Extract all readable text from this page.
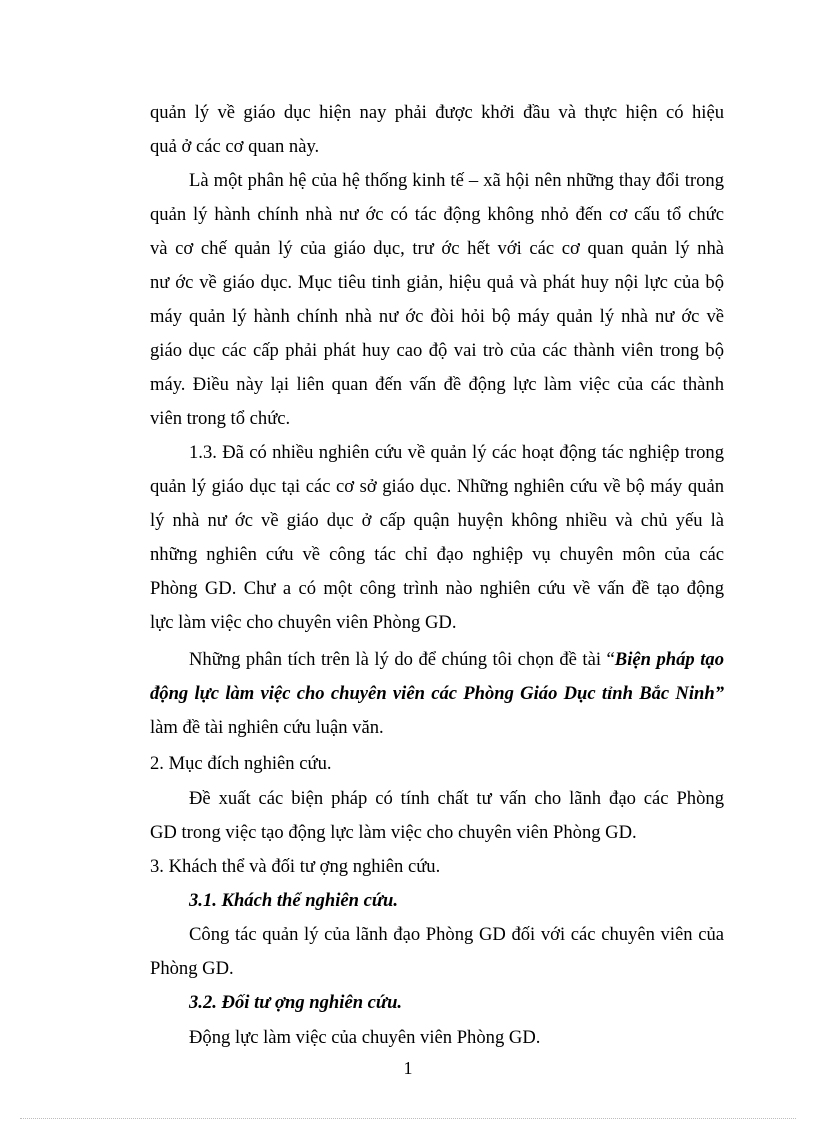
quản lý về giáo dục hiện nay phải được khởi đầu và thực hiện có hiệu
quả ở các cơ quan này.
Là một phân hệ của hệ thống kinh tế – xã hội nên những thay đổi trong
quản lý hành chính nhà nư ớc có tác động không nhỏ đến cơ cấu tổ chức
và cơ chế quản lý của giáo dục, trư ớc hết với các cơ quan quản lý nhà
nư ớc về giáo dục. Mục tiêu tinh giản, hiệu quả và phát huy nội lực của bộ
máy quản lý hành chính nhà nư ớc đòi hỏi bộ máy quản lý nhà nư ớc về
giáo dục các cấp phải phát huy cao độ vai trò của các thành viên trong bộ
máy. Điều này lại liên quan đến vấn đề động lực làm việc của các thành
viên trong tổ chức.
1.3. Đã có nhiều nghiên cứu về quản lý các hoạt động tác nghiệp trong
quản lý giáo dục tại các cơ sở giáo dục. Những nghiên cứu về bộ máy quản
lý nhà nư ớc về giáo dục ở cấp quận huyện không nhiều và chủ yếu là
những nghiên cứu về công tác chỉ đạo nghiệp vụ chuyên môn của các
Phòng GD. Chư a có một công trình nào nghiên cứu về vấn đề tạo động
lực làm việc cho chuyên viên Phòng GD.
Những phân tích trên là lý do để chúng tôi chọn đề tài “Biện pháp tạo
động lực làm việc cho chuyên viên các Phòng Giáo Dục tỉnh Bắc Ninh”
làm đề tài nghiên cứu luận văn.
2. Mục đích nghiên cứu.
Đề xuất các biện pháp có tính chất tư vấn cho lãnh đạo các Phòng
GD trong việc tạo động lực làm việc cho chuyên viên Phòng GD.
3. Khách thể và đối tư ợng nghiên cứu.
3.1. Khách thể nghiên cứu.
Công tác quản lý của lãnh đạo Phòng GD đối với các chuyên viên của
Phòng GD.
3.2. Đối tư ợng nghiên cứu.
Động lực làm việc của chuyên viên Phòng GD.
1
